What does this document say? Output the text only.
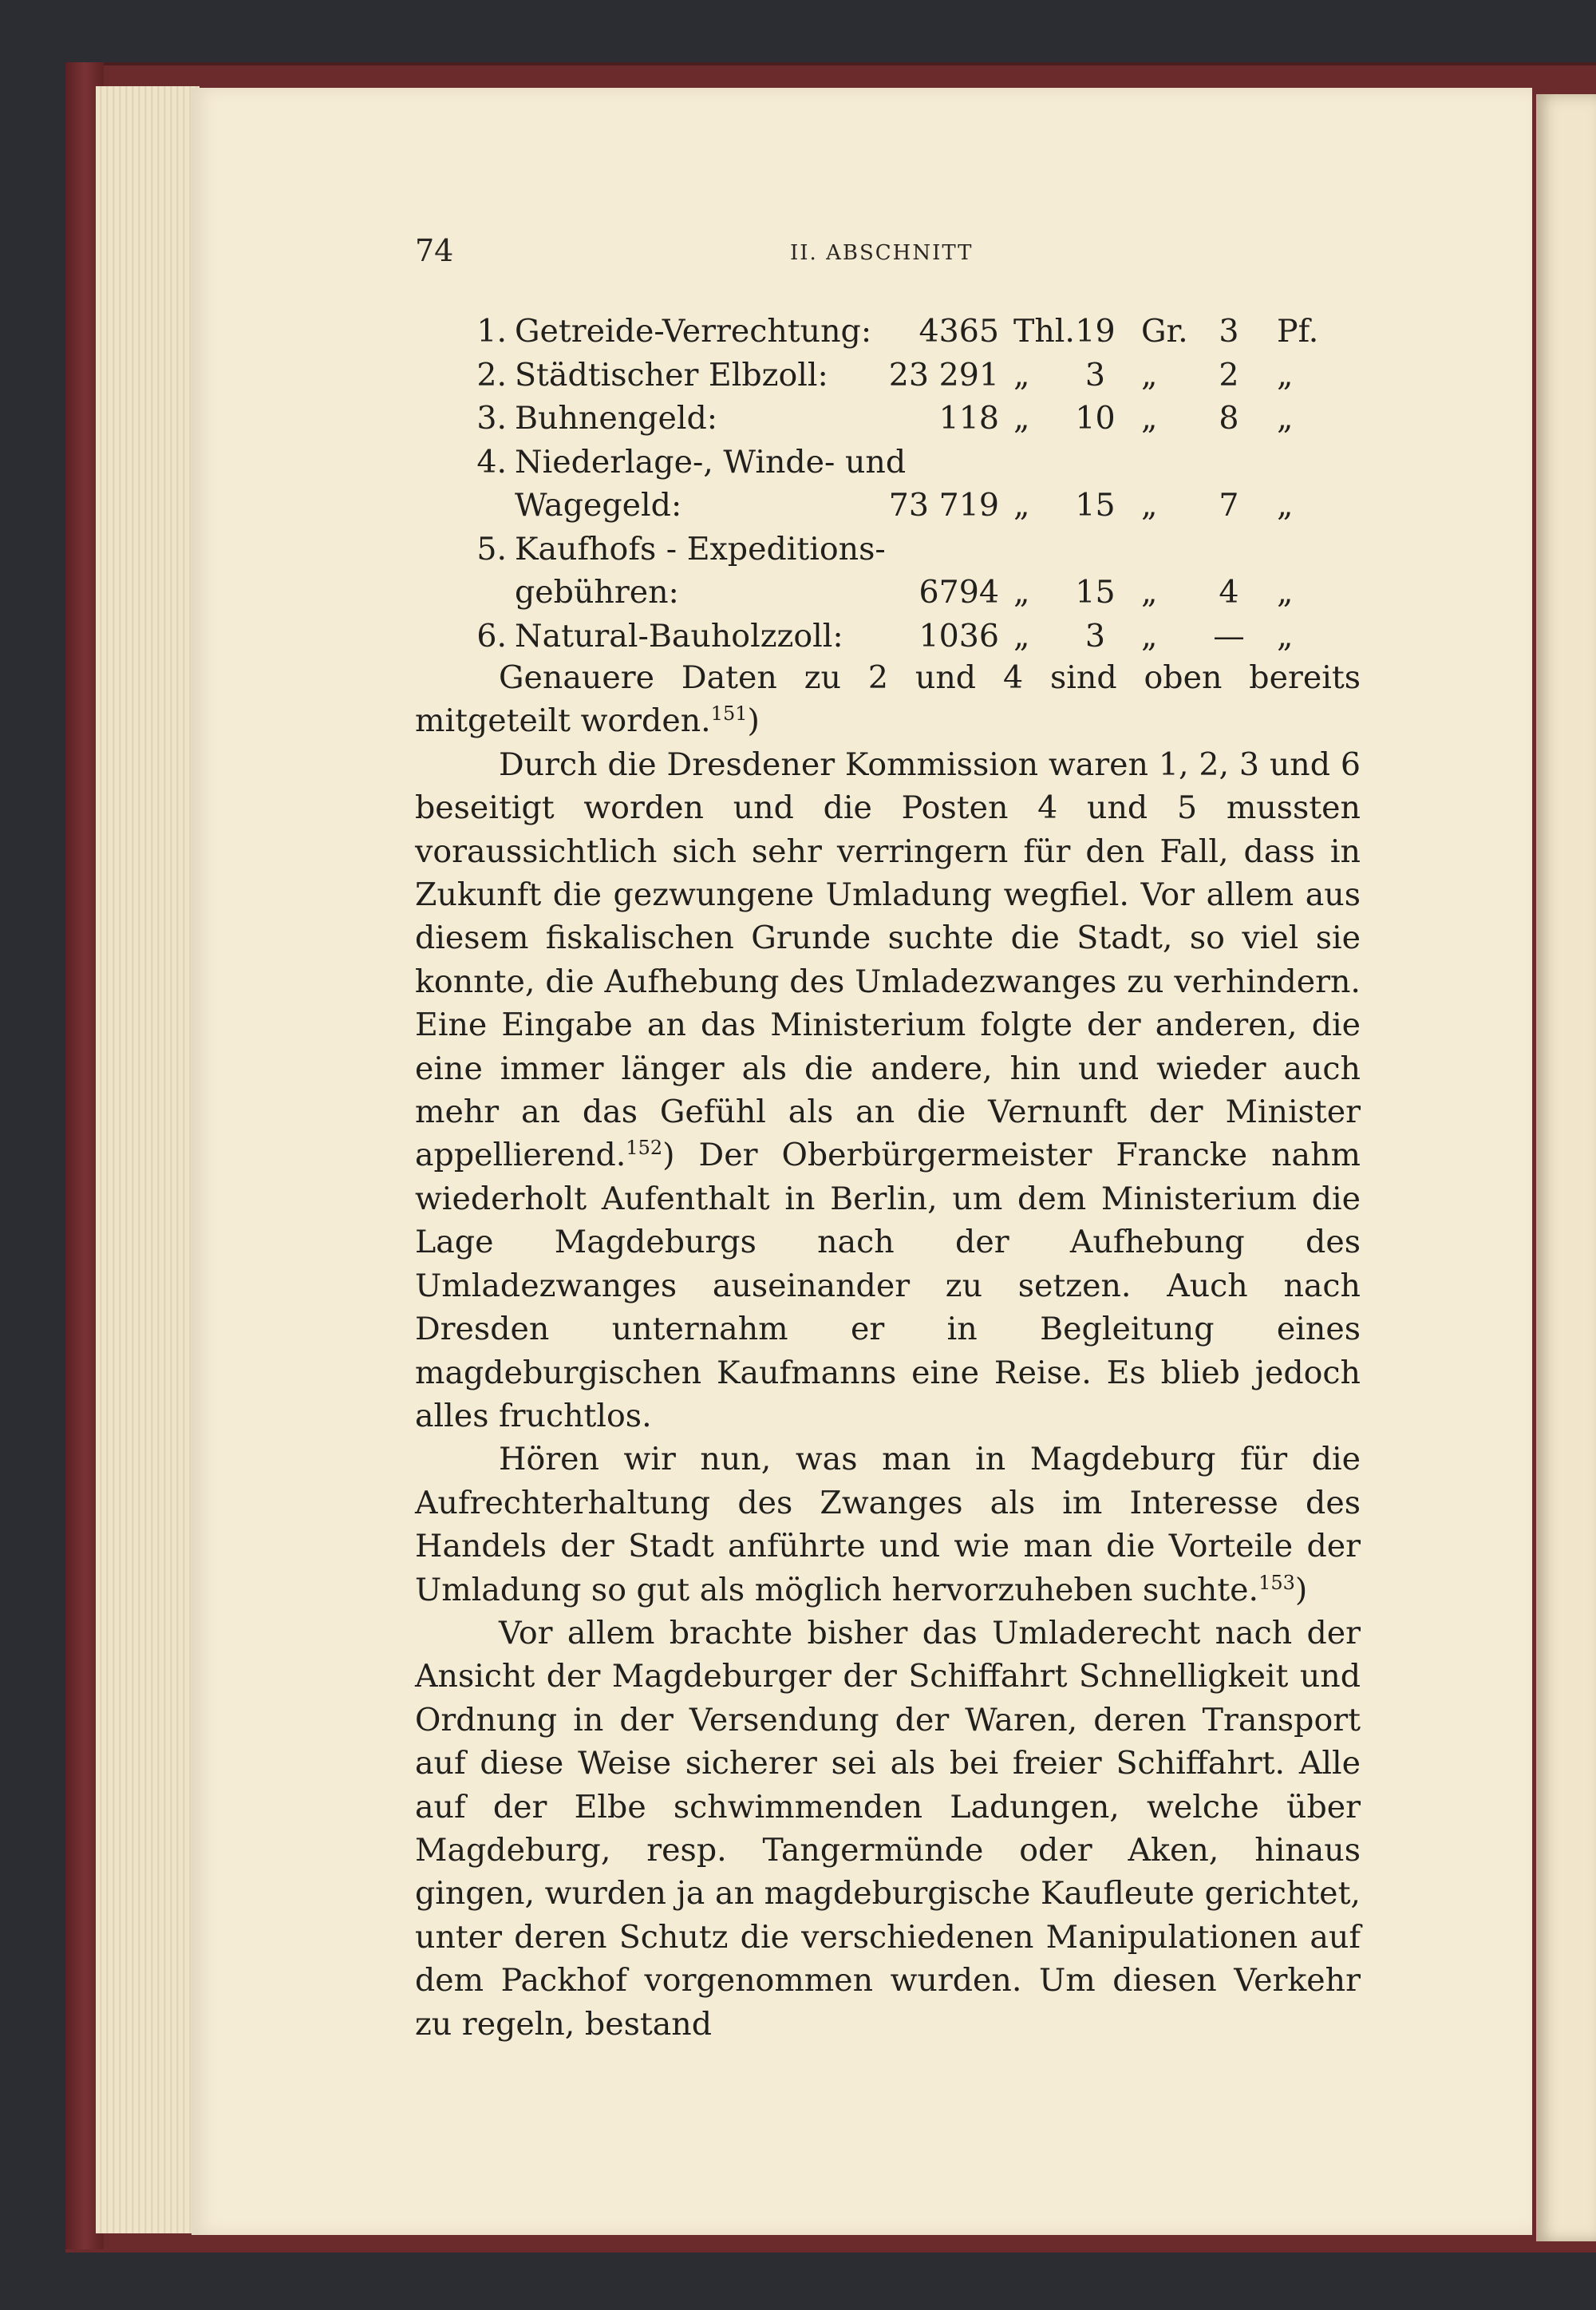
74	II. ABSCHNITT
1. Getreide-Verrechtung: 4365 Thl. 19 Gr. 3	Pf.
2. Städtischer Elbzoll: 23 291 „	3	„	2	„
3. Buhnengeld:	118 „ 10 „	8	„
4. Niederlage-, Winde- und
Wagegeld:	73 719 „ 15 „	7	„
5. Kaufhofs - Expeditions-
gebühren:	6794 „ 15 „	4	„
6. Natural-Bauholzzoll: 1036 „	3	„ — „

Genauere Daten zu 2 und 4 sind oben bereits mitgeteilt worden.$^{151}$)

Durch die Dresdener Kommission waren 1, 2, 3 und 6 beseitigt worden und die Posten 4 und 5 mussten voraussichtlich sich sehr verringern für den Fall, dass in Zukunft die gezwungene Umladung wegfiel. Vor allem aus diesem fiskalischen Grunde suchte die Stadt, so viel sie konnte, die Aufhebung des Umladezwanges zu verhindern. Eine Eingabe an das Ministerium folgte der anderen, die eine immer länger als die andere, hin und wieder auch mehr an das Gefühl als an die Vernunft der Minister appellierend.$^{152}$) Der Oberbürgermeister Francke nahm wiederholt Aufenthalt in Berlin, um dem Ministerium die Lage Magdeburgs nach der Aufhebung des Umladezwanges auseinander zu setzen. Auch nach Dresden unternahm er in Begleitung eines magdeburgischen Kaufmanns eine Reise. Es blieb jedoch alles fruchtlos.

Hören wir nun, was man in Magdeburg für die Aufrechterhaltung des Zwanges als im Interesse des Handels der Stadt anführte und wie man die Vorteile der Umladung so gut als möglich hervorzuheben suchte.$^{153}$)

Vor allem brachte bisher das Umladerecht nach der Ansicht der Magdeburger der Schiffahrt Schnelligkeit und Ordnung in der Versendung der Waren, deren Transport auf diese Weise sicherer sei als bei freier Schiffahrt. Alle auf der Elbe schwimmenden Ladungen, welche über Magdeburg, resp. Tangermünde oder Aken, hinaus gingen, wurden ja an magdeburgische Kaufleute gerichtet, unter deren Schutz die verschiedenen Manipulationen auf dem Packhof vorgenommen wurden. Um diesen Verkehr zu regeln, bestand
